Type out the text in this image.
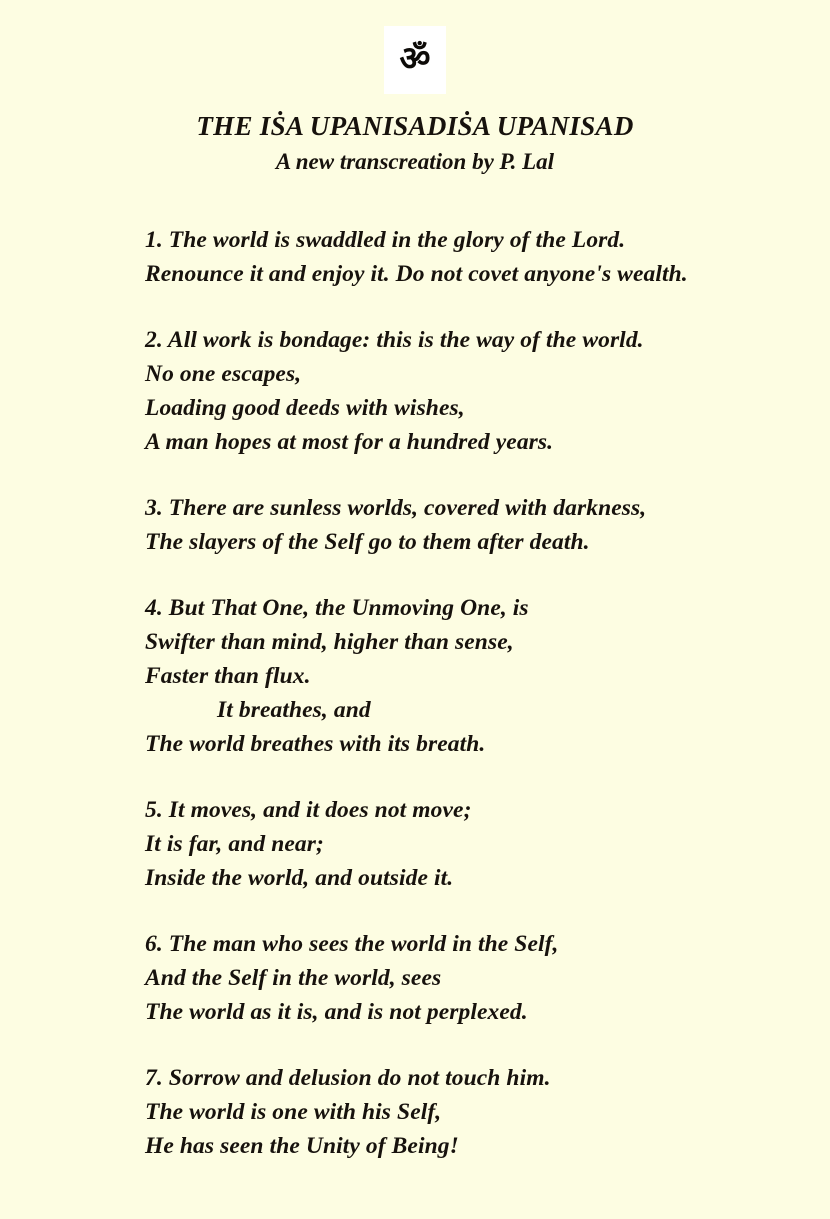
ॐ
THE IṠA UPANISADIṠA UPANISAD
A new transcreation by P. Lal
1. The world is swaddled in the glory of the Lord.
Renounce it and enjoy it. Do not covet anyone's wealth.
2. All work is bondage: this is the way of the world.
No one escapes,
Loading good deeds with wishes,
A man hopes at most for a hundred years.
3. There are sunless worlds, covered with darkness,
The slayers of the Self go to them after death.
4. But That One, the Unmoving One, is
Swifter than mind, higher than sense,
Faster than flux.
It breathes, and
The world breathes with its breath.
5. It moves, and it does not move;
It is far, and near;
Inside the world, and outside it.
6. The man who sees the world in the Self,
And the Self in the world, sees
The world as it is, and is not perplexed.
7. Sorrow and delusion do not touch him.
The world is one with his Self,
He has seen the Unity of Being!
